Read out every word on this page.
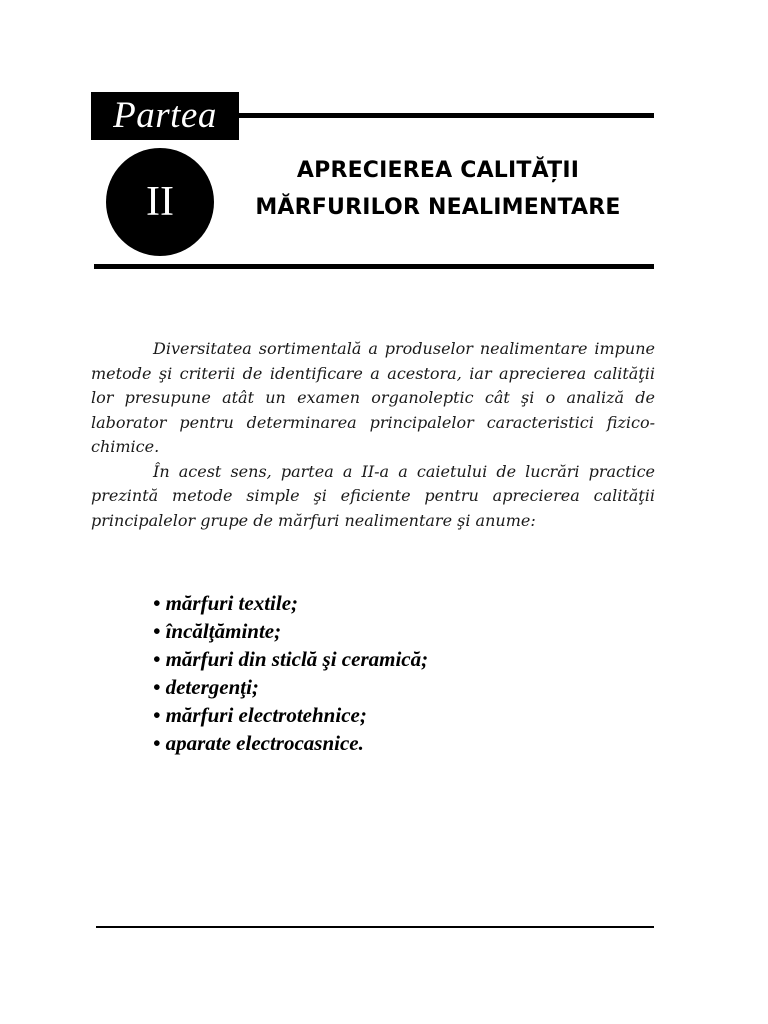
Partea
II
APRECIEREA CALITĂȚII
MĂRFURILOR NEALIMENTARE

Diversitatea sortimentală a produselor nealimentare impune metode şi criterii de identificare a acestora, iar aprecierea calităţii lor presupune atât un examen organoleptic cât şi o analiză de laborator pentru determinarea principalelor caracteristici fizico-chimice.

În acest sens, partea a II-a a caietului de lucrări practice prezintă metode simple şi eficiente pentru aprecierea calităţii principalelor grupe de mărfuri nealimentare şi anume:

• mărfuri textile;
• încălţăminte;
• mărfuri din sticlă şi ceramică;
• detergenţi;
• mărfuri electrotehnice;
• aparate electrocasnice.
